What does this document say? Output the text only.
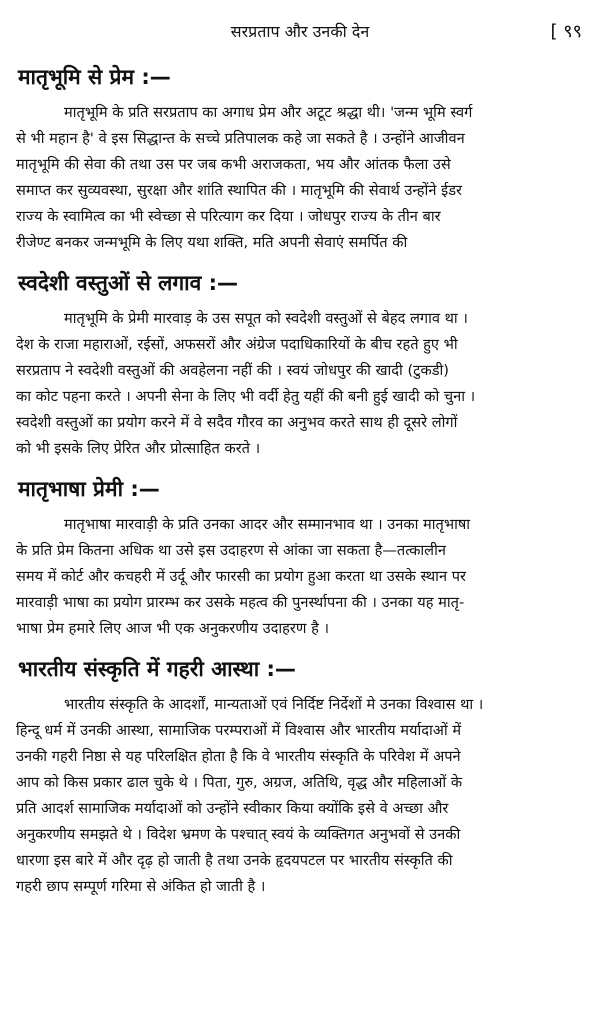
सरप्रताप और उनकी देन	[ ९९
मातृभूमि से प्रेम :—
मातृभूमि के प्रति सरप्रताप का अगाध प्रेम और अटूट श्रद्धा थी। 'जन्म भूमि स्वर्ग
से भी महान है' वे इस सिद्धान्त के सच्चे प्रतिपालक कहे जा सकते है । उन्होंने आजीवन
मातृभूमि की सेवा की तथा उस पर जब कभी अराजकता, भय और आंतक फैला उसे
समाप्त कर सुव्यवस्था, सुरक्षा और शांति स्थापित की । मातृभूमि की सेवार्थ उन्होंने ईडर
राज्य के स्वामित्व का भी स्वेच्छा से परित्याग कर दिया । जोधपुर राज्य के तीन बार
रीजेण्ट बनकर जन्मभूमि के लिए यथा शक्ति, मति अपनी सेवाएं समर्पित की
स्वदेशी वस्तुओं से लगाव :—
मातृभूमि के प्रेमी मारवाड़ के उस सपूत को स्वदेशी वस्तुओं से बेहद लगाव था ।
देश के राजा महाराओं, रईसों, अफसरों और अंग्रेज पदाधिकारियों के बीच रहते हुए भी
सरप्रताप ने स्वदेशी वस्तुओं की अवहेलना नहीं की । स्वयं जोधपुर की खादी (टुकडी)
का कोट पहना करते । अपनी सेना के लिए भी वर्दी हेतु यहीं की बनी हुई खादी को चुना ।
स्वदेशी वस्तुओं का प्रयोग करने में वे सदैव गौरव का अनुभव करते साथ ही दूसरे लोगों
को भी इसके लिए प्रेरित और प्रोत्साहित करते ।
मातृभाषा प्रेमी :—
मातृभाषा मारवाड़ी के प्रति उनका आदर और सम्मानभाव था । उनका मातृभाषा
के प्रति प्रेम कितना अधिक था उसे इस उदाहरण से आंका जा सकता है—तत्कालीन
समय में कोर्ट और कचहरी में उर्दू और फारसी का प्रयोग हुआ करता था उसके स्थान पर
मारवाड़ी भाषा का प्रयोग प्रारम्भ कर उसके महत्व की पुनर्स्थापना की । उनका यह मातृ-
भाषा प्रेम हमारे लिए आज भी एक अनुकरणीय उदाहरण है ।
भारतीय संस्कृति में गहरी आस्था :—
भारतीय संस्कृति के आदर्शों, मान्यताओं एवं निर्दिष्ट निर्देशों मे उनका विश्वास था ।
हिन्दू धर्म में उनकी आस्था, सामाजिक परम्पराओं में विश्वास और भारतीय मर्यादाओं में
उनकी गहरी निष्ठा से यह परिलक्षित होता है कि वे भारतीय संस्कृति के परिवेश में अपने
आप को किस प्रकार ढाल चुके थे । पिता, गुरु, अग्रज, अतिथि, वृद्ध और महिलाओं के
प्रति आदर्श सामाजिक मर्यादाओं को उन्होंने स्वीकार किया क्योंकि इसे वे अच्छा और
अनुकरणीय समझते थे । विदेश भ्रमण के पश्चात् स्वयं के व्यक्तिगत अनुभवों से उनकी
धारणा इस बारे में और दृढ़ हो जाती है तथा उनके हृदयपटल पर भारतीय संस्कृति की
गहरी छाप सम्पूर्ण गरिमा से अंकित हो जाती है ।
